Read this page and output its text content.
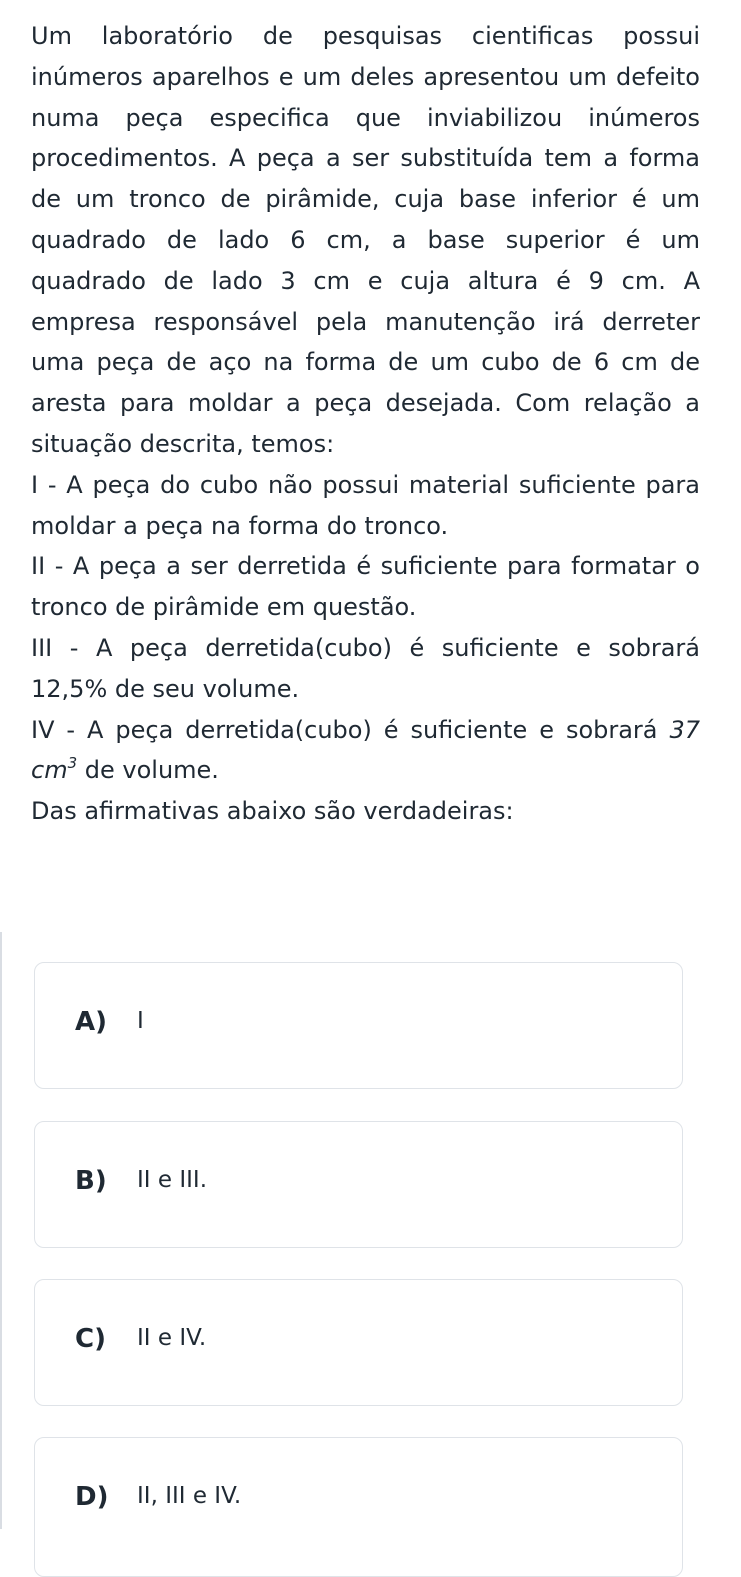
Um laboratório de pesquisas cientificas possui inúmeros aparelhos e um deles apresentou um defeito numa peça especifica que inviabilizou inúmeros procedimentos. A peça a ser substituída tem a forma de um tronco de pirâmide, cuja base inferior é um quadrado de lado 6 cm, a base superior é um quadrado de lado 3 cm e cuja altura é 9 cm. A empresa responsável pela manutenção irá derreter uma peça de aço na forma de um cubo de 6 cm de aresta para moldar a peça desejada. Com relação a situação descrita, temos:

I - A peça do cubo não possui material suficiente para moldar a peça na forma do tronco.

II - A peça a ser derretida é suficiente para formatar o tronco de pirâmide em questão.

III - A peça derretida(cubo) é suficiente e sobrará 12,5% de seu volume.

IV - A peça derretida(cubo) é suficiente e sobrará 37 $cm^3$ de volume.

Das afirmativas abaixo são verdadeiras:

A) I
B) II e III.
C) II e IV.
D) II, III e IV.
